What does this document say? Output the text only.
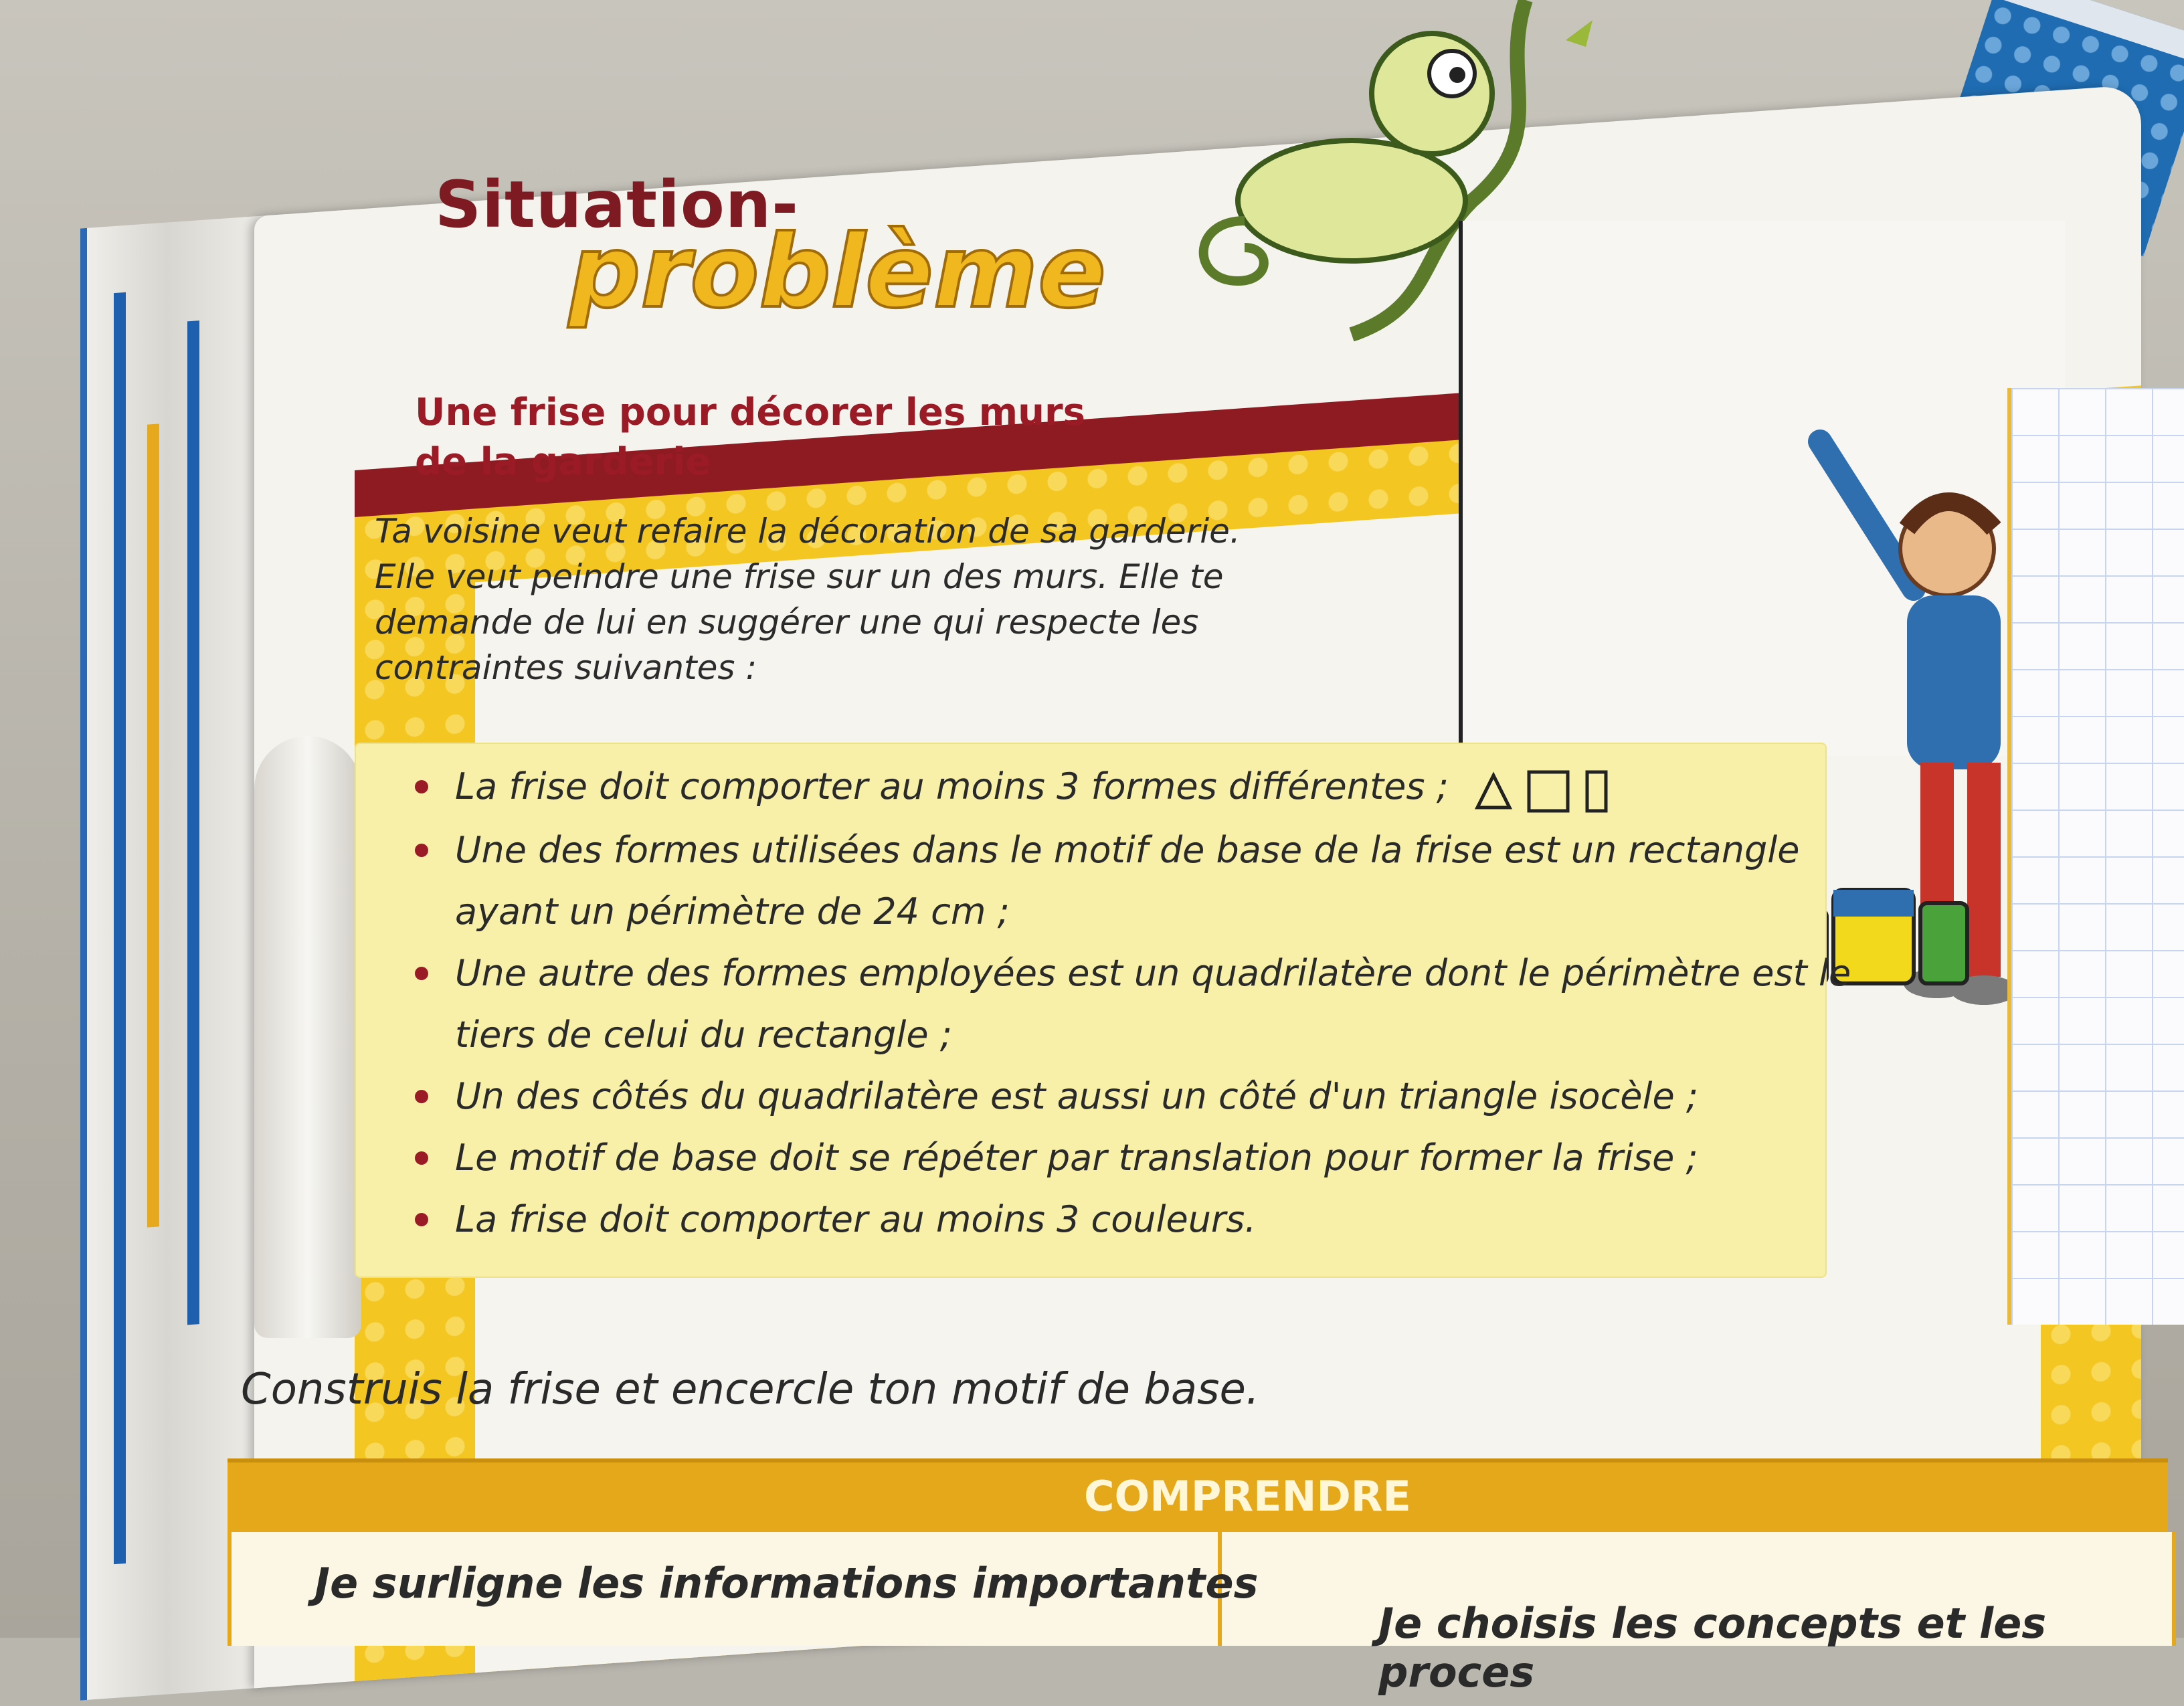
Situation-
problème
Une frise pour décorer les murs
de la garderie
Ta voisine veut refaire la décoration de sa garderie.
Elle veut peindre une frise sur un des murs. Elle te
demande de lui en suggérer une qui respecte les
contraintes suivantes :
La frise doit comporter au moins 3 formes différentes ;
Une des formes utilisées dans le motif de base de la frise est un rectangle ayant un périmètre de 24 cm ;
Une autre des formes employées est un quadrilatère dont le périmètre est le tiers de celui du rectangle ;
Un des côtés du quadrilatère est aussi un côté d'un triangle isocèle ;
Le motif de base doit se répéter par translation pour former la frise ;
La frise doit comporter au moins 3 couleurs.
Construis la frise et encercle ton motif de base.
COMPRENDRE
Je surligne les informations importantes
Je choisis les concepts et les proces
